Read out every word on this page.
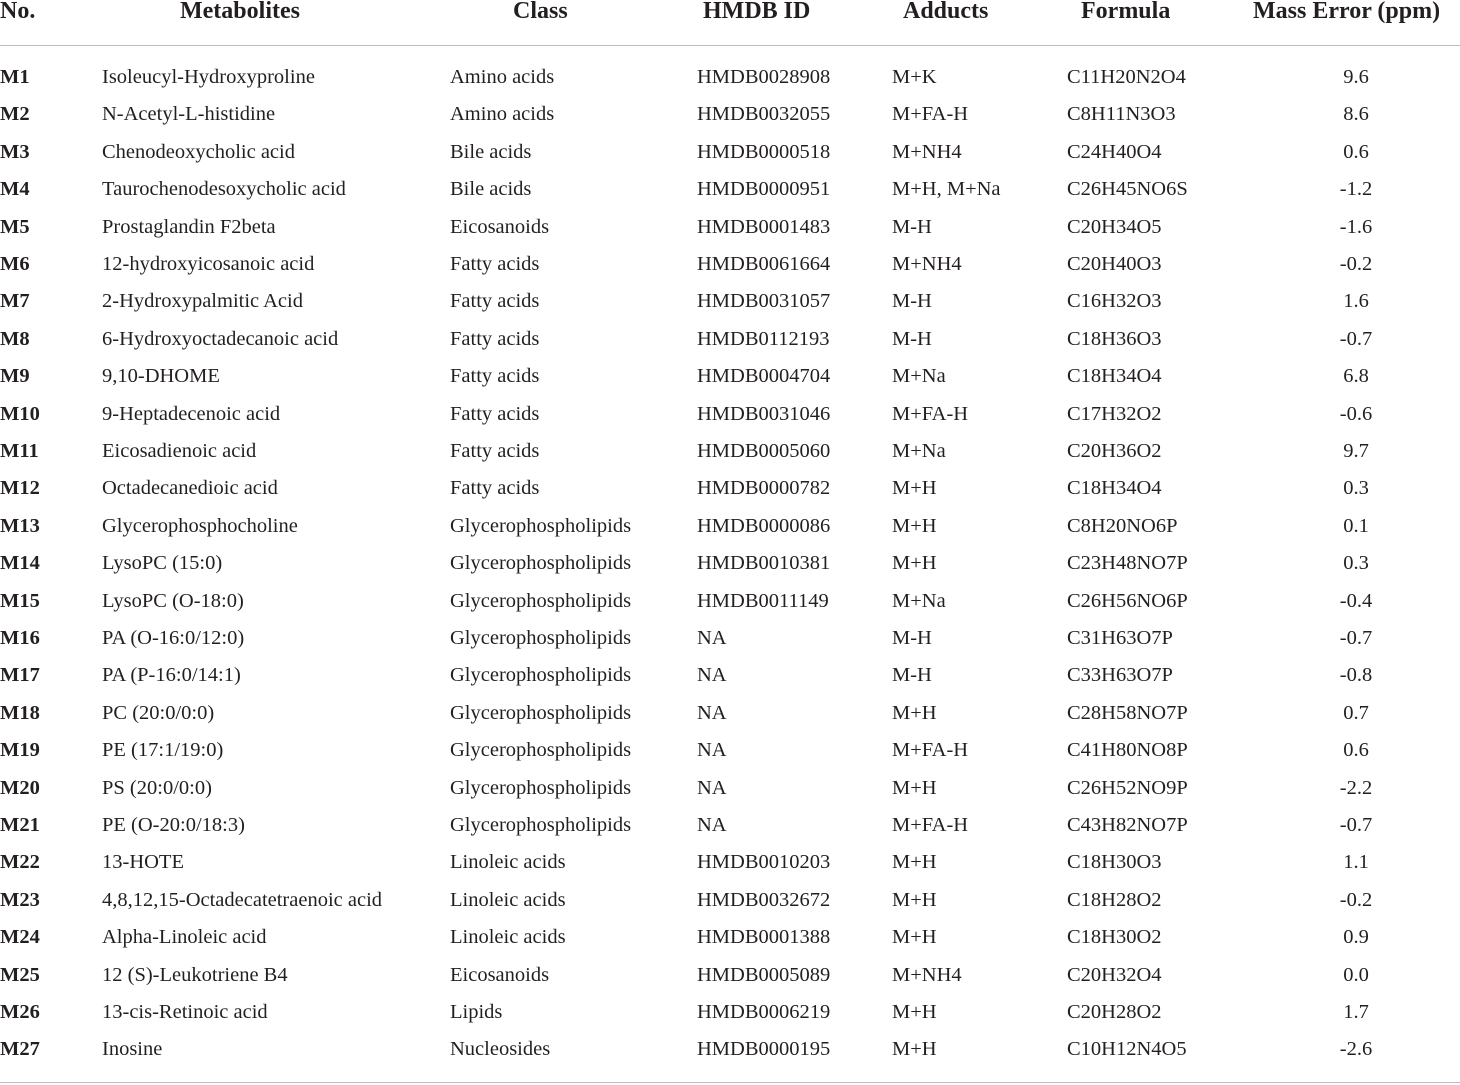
No.	Metabolites	Class	HMDB ID	Adducts	Formula	Mass Error (ppm)
M1	Isoleucyl-Hydroxyproline	Amino acids	HMDB0028908	M+K	C11H20N2O4	9.6
M2	N-Acetyl-L-histidine	Amino acids	HMDB0032055	M+FA-H	C8H11N3O3	8.6
M3	Chenodeoxycholic acid	Bile acids	HMDB0000518	M+NH4	C24H40O4	0.6
M4	Taurochenodesoxycholic acid	Bile acids	HMDB0000951	M+H, M+Na	C26H45NO6S	-1.2
M5	Prostaglandin F2beta	Eicosanoids	HMDB0001483	M-H	C20H34O5	-1.6
M6	12-hydroxyicosanoic acid	Fatty acids	HMDB0061664	M+NH4	C20H40O3	-0.2
M7	2-Hydroxypalmitic Acid	Fatty acids	HMDB0031057	M-H	C16H32O3	1.6
M8	6-Hydroxyoctadecanoic acid	Fatty acids	HMDB0112193	M-H	C18H36O3	-0.7
M9	9,10-DHOME	Fatty acids	HMDB0004704	M+Na	C18H34O4	6.8
M10	9-Heptadecenoic acid	Fatty acids	HMDB0031046	M+FA-H	C17H32O2	-0.6
M11	Eicosadienoic acid	Fatty acids	HMDB0005060	M+Na	C20H36O2	9.7
M12	Octadecanedioic acid	Fatty acids	HMDB0000782	M+H	C18H34O4	0.3
M13	Glycerophosphocholine	Glycerophospholipids	HMDB0000086	M+H	C8H20NO6P	0.1
M14	LysoPC (15:0)	Glycerophospholipids	HMDB0010381	M+H	C23H48NO7P	0.3
M15	LysoPC (O-18:0)	Glycerophospholipids	HMDB0011149	M+Na	C26H56NO6P	-0.4
M16	PA (O-16:0/12:0)	Glycerophospholipids	NA	M-H	C31H63O7P	-0.7
M17	PA (P-16:0/14:1)	Glycerophospholipids	NA	M-H	C33H63O7P	-0.8
M18	PC (20:0/0:0)	Glycerophospholipids	NA	M+H	C28H58NO7P	0.7
M19	PE (17:1/19:0)	Glycerophospholipids	NA	M+FA-H	C41H80NO8P	0.6
M20	PS (20:0/0:0)	Glycerophospholipids	NA	M+H	C26H52NO9P	-2.2
M21	PE (O-20:0/18:3)	Glycerophospholipids	NA	M+FA-H	C43H82NO7P	-0.7
M22	13-HOTE	Linoleic acids	HMDB0010203	M+H	C18H30O3	1.1
M23	4,8,12,15-Octadecatetraenoic acid	Linoleic acids	HMDB0032672	M+H	C18H28O2	-0.2
M24	Alpha-Linoleic acid	Linoleic acids	HMDB0001388	M+H	C18H30O2	0.9
M25	12 (S)-Leukotriene B4	Eicosanoids	HMDB0005089	M+NH4	C20H32O4	0.0
M26	13-cis-Retinoic acid	Lipids	HMDB0006219	M+H	C20H28O2	1.7
M27	Inosine	Nucleosides	HMDB0000195	M+H	C10H12N4O5	-2.6
